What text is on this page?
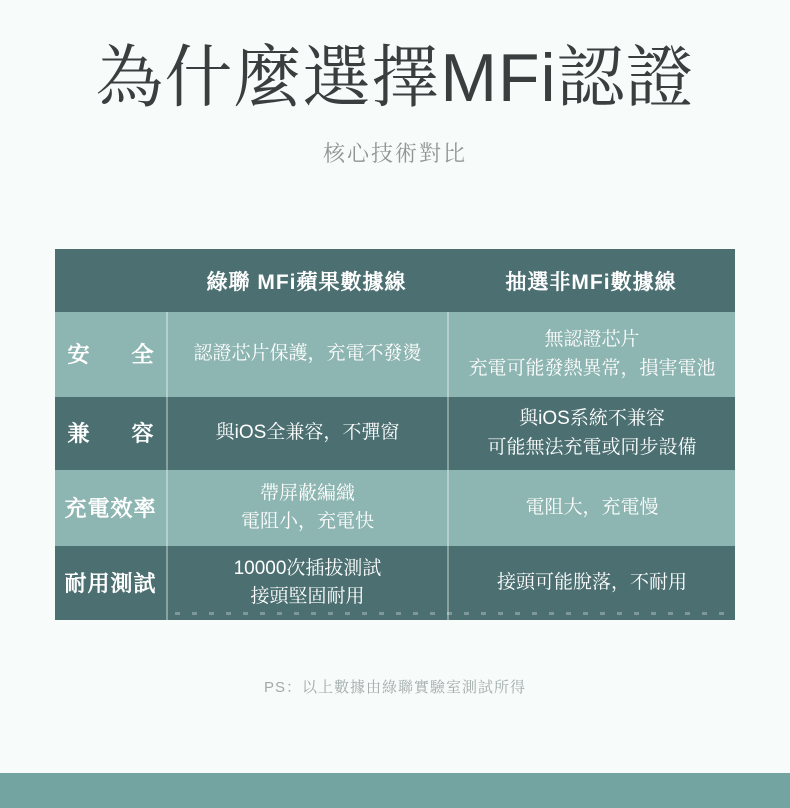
為什麼選擇MFi認證
核心技術對比
綠聯 MFi蘋果數據線	抽選非MFi數據線
安 全 認證芯片保護，充電不發燙
無認證芯片
充電可能發熱異常，損害電池
兼 容	與iOS全兼容，不彈窗
與iOS系統不兼容
可能無法充電或同步設備
充電效率
帶屏蔽編織
電阻小，充電快
電阻大，充電慢
耐用測試
10000次插拔測試
接頭堅固耐用
接頭可能脫落，不耐用
PS：以上數據由綠聯實驗室測試所得
